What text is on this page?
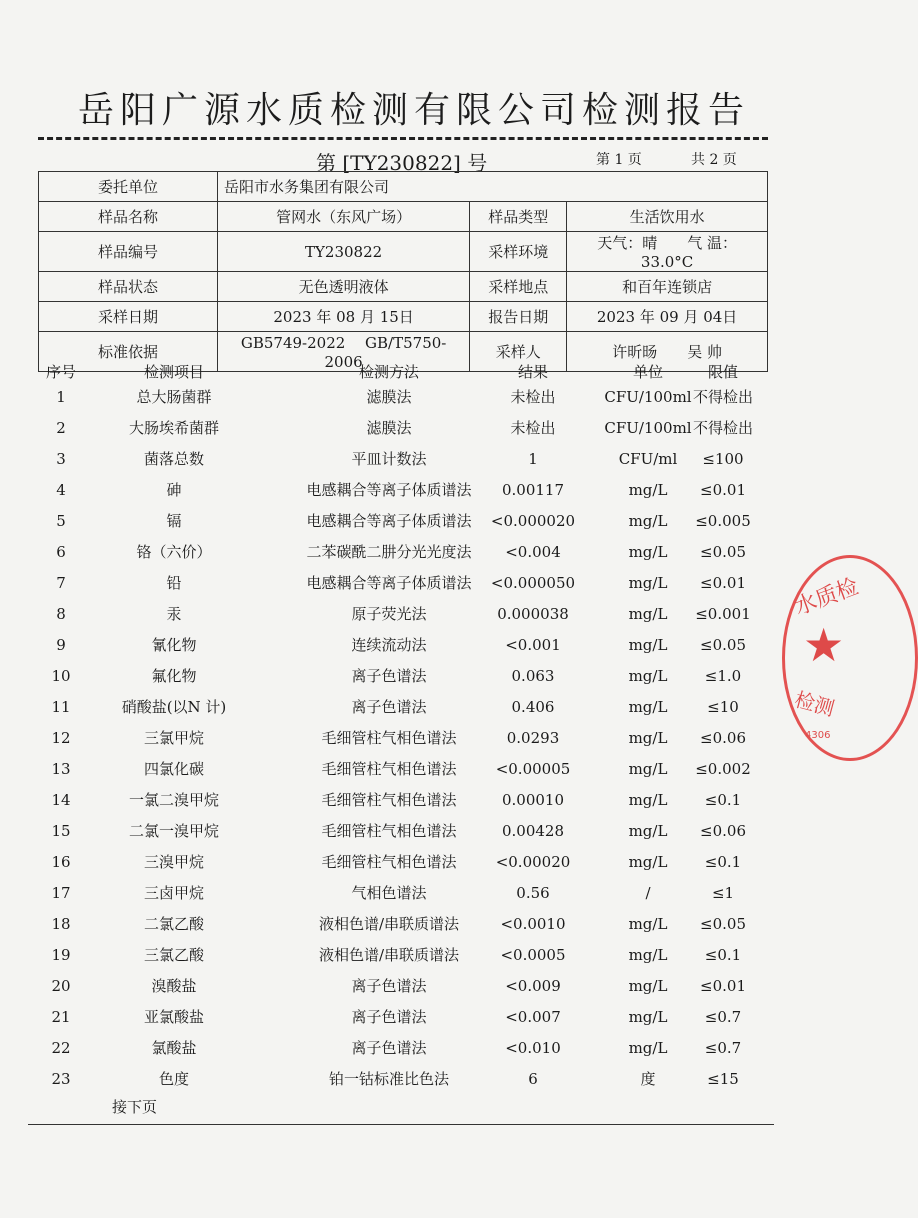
岳阳广源水质检测有限公司检测报告
第 [TY230822] 号	第 1 页	共 2 页
委托单位	岳阳市水务集团有限公司		
样品名称	管网水（东风广场）	样品类型	生活饮用水
样品编号	TY230822	采样环境	天气：晴　　气 温：33.0°C
样品状态	无色透明液体	采样地点	和百年连锁店
采样日期	2023 年 08 月 15日	报告日期	2023 年 09 月 04日
标准依据	GB5749-2022　 GB/T5750-2006	采样人	许昕旸　　吴 帅
序号	检测项目	检测方法	结果	单位	限值
1	总大肠菌群	滤膜法	未检出	CFU/100ml 不得检出
2	大肠埃希菌群	滤膜法	未检出	CFU/100ml 不得检出
3	菌落总数	平皿计数法	1	CFU/ml	≤100
4	砷	电感耦合等离子体质谱法	0.00117	mg/L	≤0.01
5	镉	电感耦合等离子体质谱法	<0.000020	mg/L	≤0.005
6	铬（六价）	二苯碳酰二肼分光光度法	<0.004	mg/L	≤0.05
7	铅	电感耦合等离子体质谱法	<0.000050	mg/L	≤0.01
8	汞	原子荧光法	0.000038	mg/L	≤0.001
9	氰化物	连续流动法	<0.001	mg/L	≤0.05
10	氟化物	离子色谱法	0.063	mg/L	≤1.0
11	硝酸盐(以N 计)	离子色谱法	0.406	mg/L	≤10
12	三氯甲烷	毛细管柱气相色谱法	0.0293	mg/L	≤0.06
13	四氯化碳	毛细管柱气相色谱法	<0.00005	mg/L	≤0.002
14	一氯二溴甲烷	毛细管柱气相色谱法	0.00010	mg/L	≤0.1
15	二氯一溴甲烷	毛细管柱气相色谱法	0.00428	mg/L	≤0.06
16	三溴甲烷	毛细管柱气相色谱法	<0.00020	mg/L	≤0.1
17	三卤甲烷	气相色谱法	0.56	/	≤1
18	二氯乙酸	液相色谱/串联质谱法	<0.0010	mg/L	≤0.05
19	三氯乙酸	液相色谱/串联质谱法	<0.0005	mg/L	≤0.1
20	溴酸盐	离子色谱法	<0.009	mg/L	≤0.01
21	亚氯酸盐	离子色谱法	<0.007	mg/L	≤0.7
22	氯酸盐	离子色谱法	<0.010	mg/L	≤0.7
23	色度	铂一钴标准比色法	6	度	≤15
接下页
水质检
★
检测
4306
